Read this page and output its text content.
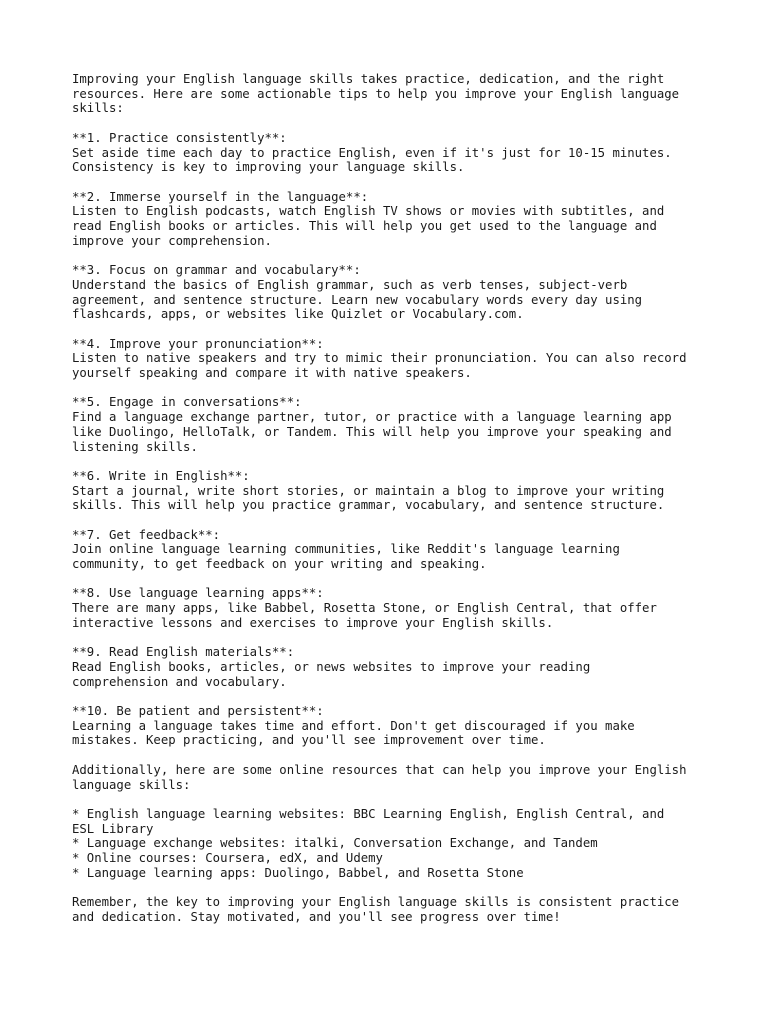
Improving your English language skills takes practice, dedication, and the right
resources. Here are some actionable tips to help you improve your English language
skills:
**1. Practice consistently**:
Set aside time each day to practice English, even if it's just for 10-15 minutes.
Consistency is key to improving your language skills.
**2. Immerse yourself in the language**:
Listen to English podcasts, watch English TV shows or movies with subtitles, and
read English books or articles. This will help you get used to the language and
improve your comprehension.
**3. Focus on grammar and vocabulary**:
Understand the basics of English grammar, such as verb tenses, subject-verb
agreement, and sentence structure. Learn new vocabulary words every day using
flashcards, apps, or websites like Quizlet or Vocabulary.com.
**4. Improve your pronunciation**:
Listen to native speakers and try to mimic their pronunciation. You can also record
yourself speaking and compare it with native speakers.
**5. Engage in conversations**:
Find a language exchange partner, tutor, or practice with a language learning app
like Duolingo, HelloTalk, or Tandem. This will help you improve your speaking and
listening skills.
**6. Write in English**:
Start a journal, write short stories, or maintain a blog to improve your writing
skills. This will help you practice grammar, vocabulary, and sentence structure.
**7. Get feedback**:
Join online language learning communities, like Reddit's language learning
community, to get feedback on your writing and speaking.
**8. Use language learning apps**:
There are many apps, like Babbel, Rosetta Stone, or English Central, that offer
interactive lessons and exercises to improve your English skills.
**9. Read English materials**:
Read English books, articles, or news websites to improve your reading
comprehension and vocabulary.
**10. Be patient and persistent**:
Learning a language takes time and effort. Don't get discouraged if you make
mistakes. Keep practicing, and you'll see improvement over time.
Additionally, here are some online resources that can help you improve your English
language skills:
* English language learning websites: BBC Learning English, English Central, and
ESL Library
* Language exchange websites: italki, Conversation Exchange, and Tandem
* Online courses: Coursera, edX, and Udemy
* Language learning apps: Duolingo, Babbel, and Rosetta Stone
Remember, the key to improving your English language skills is consistent practice
and dedication. Stay motivated, and you'll see progress over time!
